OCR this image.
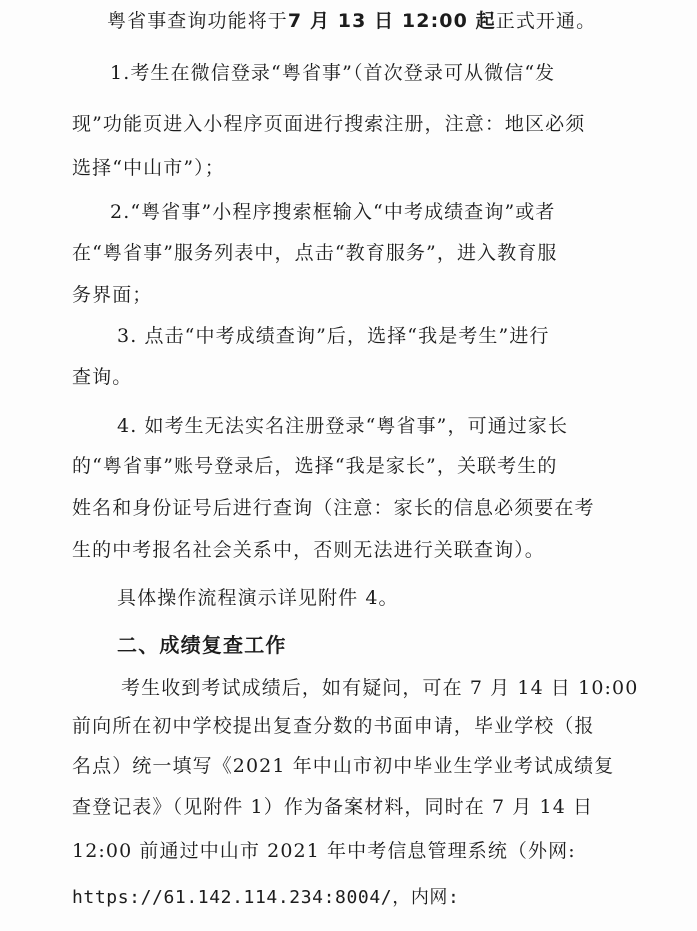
粤省事查询功能将于7 月 13 日 12:00 起正式开通。
1.考生在微信登录“粤省事”（首次登录可从微信“发
现”功能页进入小程序页面进行搜索注册，注意：地区必须
选择“中山市”）；
2.“粤省事”小程序搜索框输入“中考成绩查询”或者
在“粤省事”服务列表中，点击“教育服务”，进入教育服
务界面；
3. 点击“中考成绩查询”后，选择“我是考生”进行
查询。
4. 如考生无法实名注册登录“粤省事”，可通过家长
的“粤省事”账号登录后，选择“我是家长”，关联考生的
姓名和身份证号后进行查询（注意：家长的信息必须要在考
生的中考报名社会关系中，否则无法进行关联查询）。
具体操作流程演示详见附件 4。
二、成绩复查工作
考生收到考试成绩后，如有疑问，可在 7 月 14 日 10:00
前向所在初中学校提出复查分数的书面申请，毕业学校（报
名点）统一填写《2021 年中山市初中毕业生学业考试成绩复
查登记表》（见附件 1）作为备案材料，同时在 7 月 14 日
12:00 前通过中山市 2021 年中考信息管理系统（外网:
https://61.142.114.234:8004/，内网:
